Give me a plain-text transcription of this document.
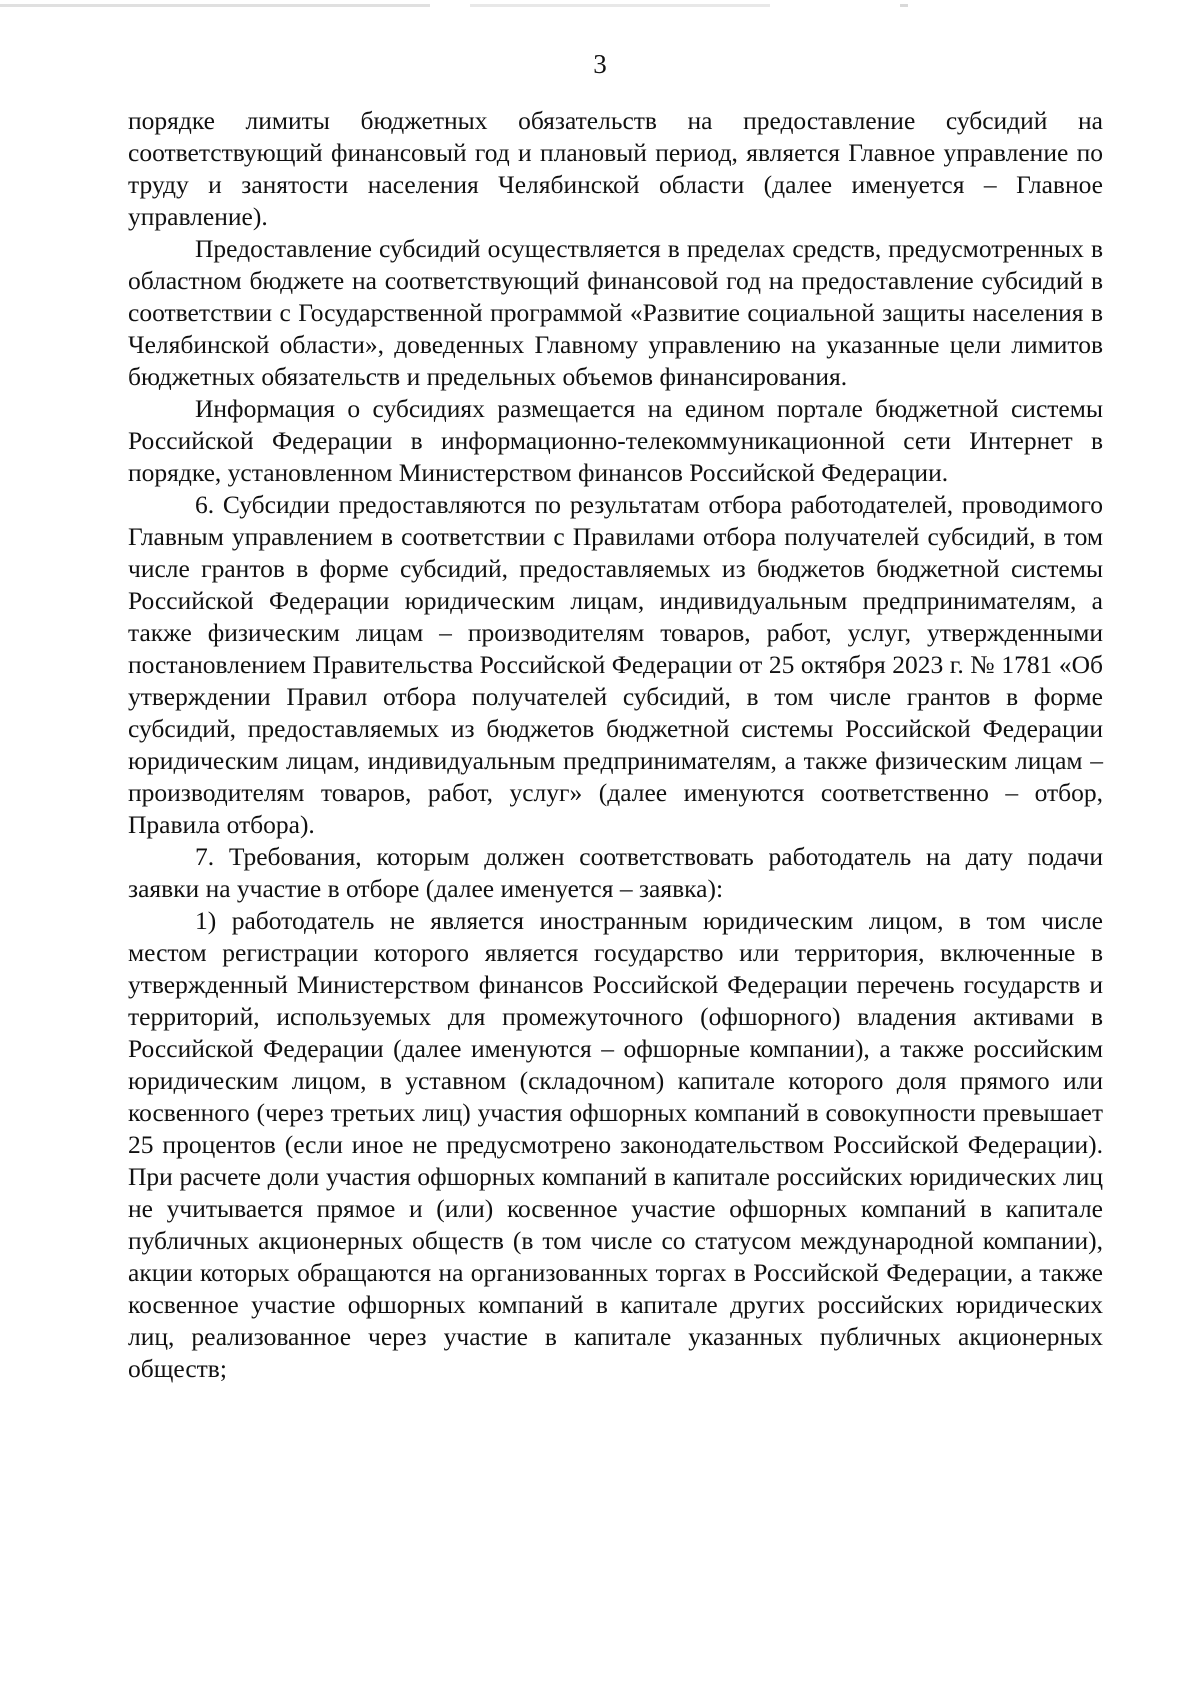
3

порядке лимиты бюджетных обязательств на предоставление субсидий на соответствующий финансовый год и плановый период, является Главное управление по труду и занятости населения Челябинской области (далее именуется – Главное управление).

Предоставление субсидий осуществляется в пределах средств, предусмотренных в областном бюджете на соответствующий финансовой год на предоставление субсидий в соответствии с Государственной программой «Развитие социальной защиты населения в Челябинской области», доведенных Главному управлению на указанные цели лимитов бюджетных обязательств и предельных объемов финансирования.

Информация о субсидиях размещается на едином портале бюджетной системы Российской Федерации в информационно-телекоммуникационной сети Интернет в порядке, установленном Министерством финансов Российской Федерации.

6. Субсидии предоставляются по результатам отбора работодателей, проводимого Главным управлением в соответствии с Правилами отбора получателей субсидий, в том числе грантов в форме субсидий, предоставляемых из бюджетов бюджетной системы Российской Федерации юридическим лицам, индивидуальным предпринимателям, а также физическим лицам – производителям товаров, работ, услуг, утвержденными постановлением Правительства Российской Федерации от 25 октября 2023 г. № 1781 «Об утверждении Правил отбора получателей субсидий, в том числе грантов в форме субсидий, предоставляемых из бюджетов бюджетной системы Российской Федерации юридическим лицам, индивидуальным предпринимателям, а также физическим лицам – производителям товаров, работ, услуг» (далее именуются соответственно – отбор, Правила отбора).

7. Требования, которым должен соответствовать работодатель на дату подачи заявки на участие в отборе (далее именуется – заявка):

1) работодатель не является иностранным юридическим лицом, в том числе местом регистрации которого является государство или территория, включенные в утвержденный Министерством финансов Российской Федерации перечень государств и территорий, используемых для промежуточного (офшорного) владения активами в Российской Федерации (далее именуются – офшорные компании), а также российским юридическим лицом, в уставном (складочном) капитале которого доля прямого или косвенного (через третьих лиц) участия офшорных компаний в совокупности превышает 25 процентов (если иное не предусмотрено законодательством Российской Федерации). При расчете доли участия офшорных компаний в капитале российских юридических лиц не учитывается прямое и (или) косвенное участие офшорных компаний в капитале публичных акционерных обществ (в том числе со статусом международной компании), акции которых обращаются на организованных торгах в Российской Федерации, а также косвенное участие офшорных компаний в капитале других российских юридических лиц, реализованное через участие в капитале указанных публичных акционерных обществ;
